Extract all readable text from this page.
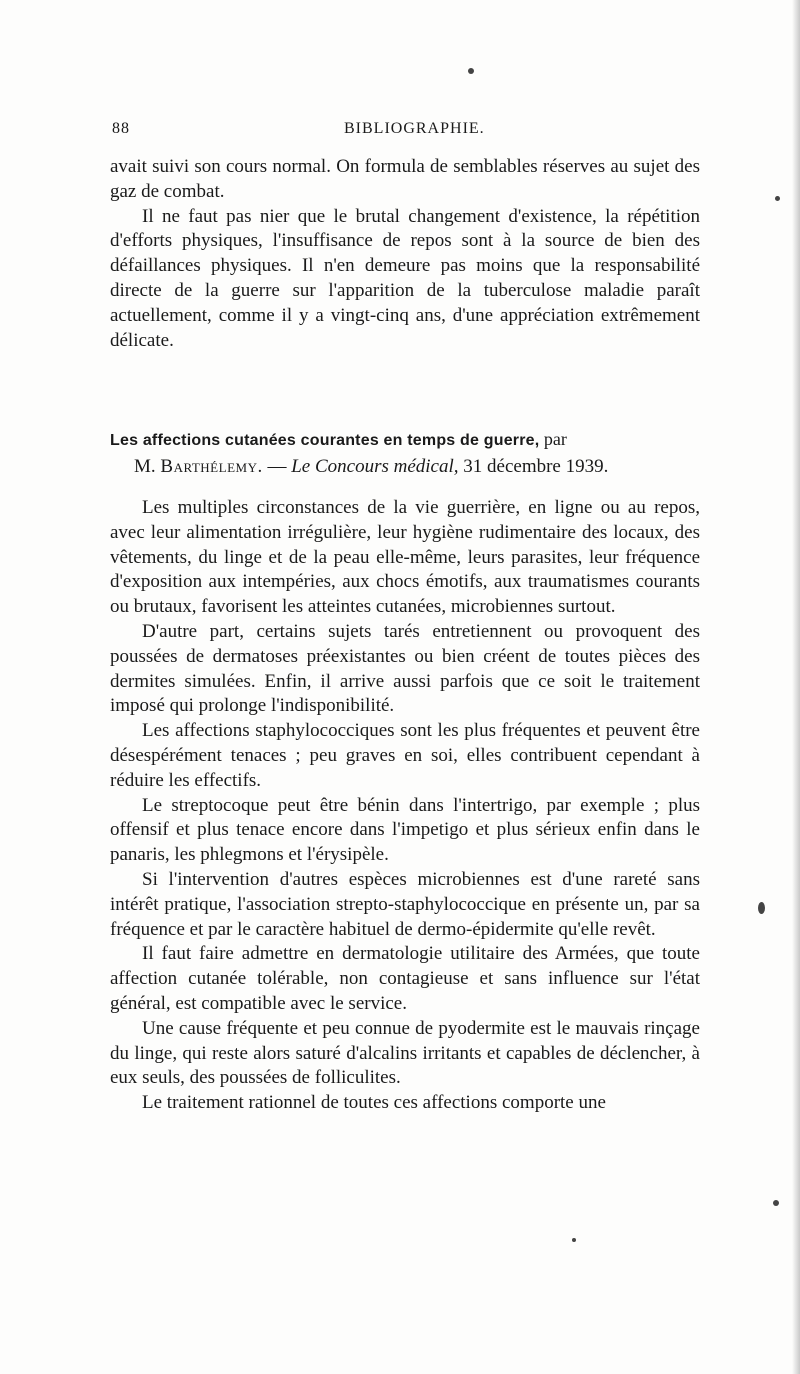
88	BIBLIOGRAPHIE.

avait suivi son cours normal. On formula de semblables réserves au sujet des gaz de combat.

Il ne faut pas nier que le brutal changement d'existence, la répétition d'efforts physiques, l'insuffisance de repos sont à la source de bien des défaillances physiques. Il n'en demeure pas moins que la responsabilité directe de la guerre sur l'apparition de la tuberculose maladie paraît actuellement, comme il y a vingt-cinq ans, d'une appréciation extrêmement délicate.

Les affections cutanées courantes en temps de guerre, par
M. Barthélemy. — Le Concours médical, 31 décembre 1939.

Les multiples circonstances de la vie guerrière, en ligne ou au repos, avec leur alimentation irrégulière, leur hygiène rudimentaire des locaux, des vêtements, du linge et de la peau elle-même, leurs parasites, leur fréquence d'exposition aux intempéries, aux chocs émotifs, aux traumatismes courants ou brutaux, favorisent les atteintes cutanées, microbiennes surtout.

D'autre part, certains sujets tarés entretiennent ou provoquent des poussées de dermatoses préexistantes ou bien créent de toutes pièces des dermites simulées. Enfin, il arrive aussi parfois que ce soit le traitement imposé qui prolonge l'indisponibilité.

Les affections staphylococciques sont les plus fréquentes et peuvent être désespérément tenaces ; peu graves en soi, elles contribuent cependant à réduire les effectifs.

Le streptocoque peut être bénin dans l'intertrigo, par exemple ; plus offensif et plus tenace encore dans l'impetigo et plus sérieux enfin dans le panaris, les phlegmons et l'érysipèle.

Si l'intervention d'autres espèces microbiennes est d'une rareté sans intérêt pratique, l'association strepto-staphylococcique en présente un, par sa fréquence et par le caractère habituel de dermo-épidermite qu'elle revêt.

Il faut faire admettre en dermatologie utilitaire des Armées, que toute affection cutanée tolérable, non contagieuse et sans influence sur l'état général, est compatible avec le service.

Une cause fréquente et peu connue de pyodermite est le mauvais rinçage du linge, qui reste alors saturé d'alcalins irritants et capables de déclencher, à eux seuls, des poussées de folliculites.

Le traitement rationnel de toutes ces affections comporte une
